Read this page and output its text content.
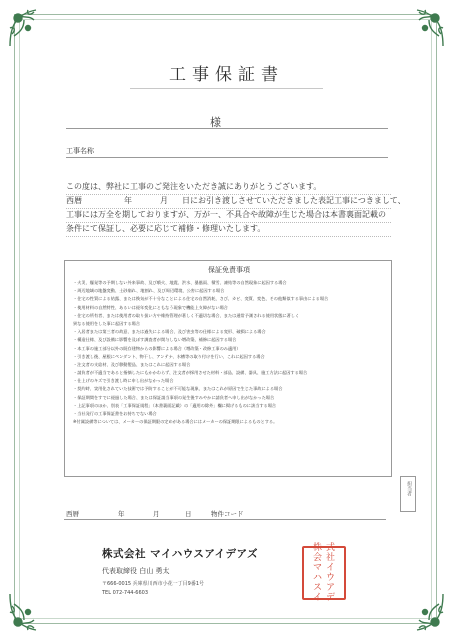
工事保証書
様
工事名称
この度は、弊社に工事のご発注をいただき誠にありがとうございます。
西暦	年	月 日にお引き渡しさせていただきました表記工事につきまして、
工事には万全を期しておりますが、万が一、不具合や故障が生じた場合は本書裏面記載の
条件にて保証し、必要に応じて補修・修理いたします。
保証免責事項
・火災、爆発等の予期しない外来事故、及び噴火、地震、洪水、暴風雨、積雪、凍結等の自然現象に起因する場合
・周辺地域の地盤変動、土砂崩れ、地割れ、及び周辺環境、公害に起因する場合
・住宅の性質による結露、または換気が不十分なことによる住宅の自然消耗、さび、カビ、変質、変色、その他類似する事由による場合
・使用材料の自然特性、あるいは経年変化にともなう現象で機能上支障がない場合
・住宅の所有者、または使用者の取り扱い方や維持管理が著しく不適切な場合、または通常予測される使用状態に著しく
異なる使用をした事に起因する場合
・入居者または第三者の故意、または過失による場合、及び害虫等の仕様による変形、破損による場合
・構造仕様、及び設備に影響を及ぼす調査者が関与しない増改築、補修に起因する場合
・本工事の施工部分以外の既存建物からの影響による場合（増改築・改修工事のみ適用）
・引き渡し後、屋根にペンダント、物干し、アンテナ、水槽等の取り付けを行い、これに起因する場合
・注文者の支給材、及び移動製品、またはこれに起因する場合
・請負者が不適当であると指摘したにもかかわらず、注文者が採用させた材料・部品、設備、器具、施工方法に起因する場合
・仕上げのキズで引き渡し時に申し出がなかった場合
・契約時、実用化されていた技術では予防することが不可能な現象、またはこれが原因で生じた事故による場合
・保証期間をすでに経過した場合、または保証請当事項の発生後すみやかに請負者へ申し出がなかった場合
・上記事項のほか、別表「工事保証規程」（本書裏面記載）の「適用の除外」欄に掲げるものに該当する場合
・当社発行の工事保証書をお持ちでない場合
※付属設備等については、メーカーの保証期限の定めがある場合にはメーカーの保証期限によるものとする。
担当者
西暦	年	月	日	物件コード
株式会社 マイハウスアイデアズ
代表取締役 白山 勇太
〒666-0015 兵庫県川西市小花一丁目9番1号
TEL 072-744-6603
株 式
会 社
マ イ
ハ ウ
ス ア
イ デ
